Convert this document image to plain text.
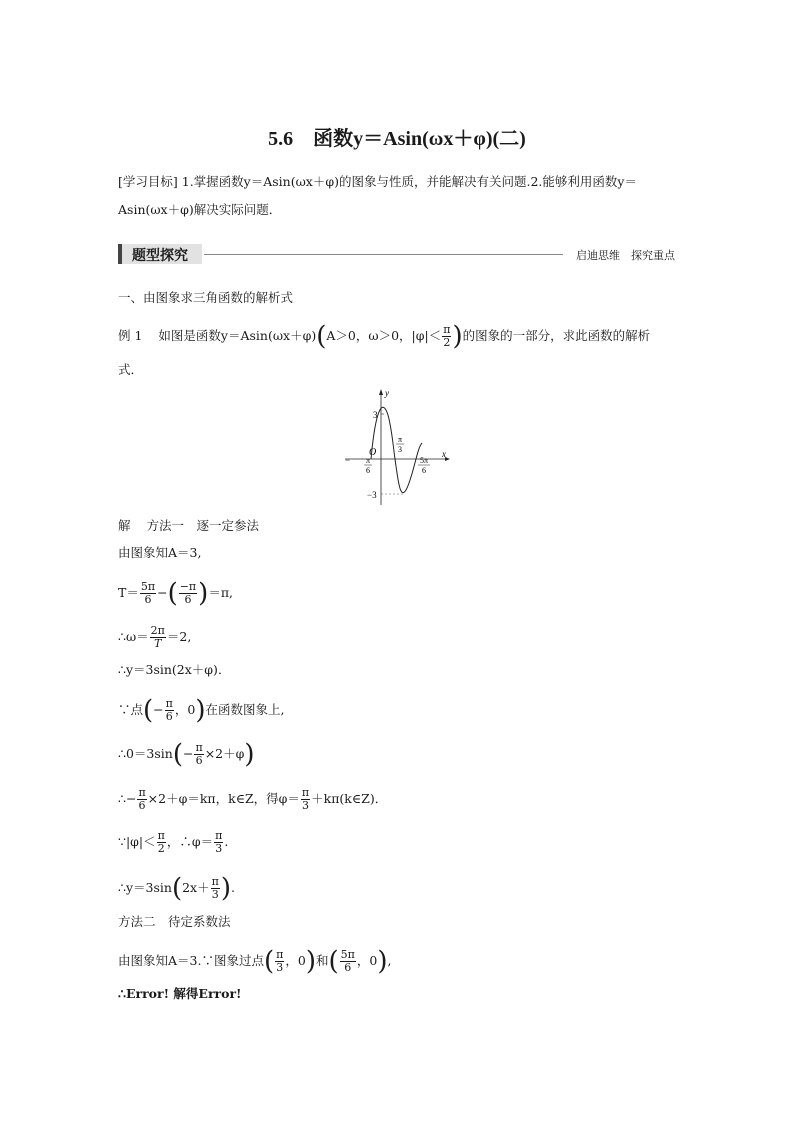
5.6　函数y＝Asin(ωx＋φ)(二)
[学习目标] 1.掌握函数y＝Asin(ωx＋φ)的图象与性质，并能解决有关问题.2.能够利用函数y＝
Asin(ωx＋φ)解决实际问题．
题型探究	启迪思维　探究重点
一、由图象求三角函数的解析式
例 1 如图是函数y＝Asin(ωx＋φ)(A＞0，ω＞0，$|\varphi|< \frac{\pi}{2}$ )的图象的一部分，求此函数的解析
式．
y
x
O
3
−3
− π
6
π
3
5π
6
解 方法一　逐一定参法
由图象知A＝3,
$T= \frac{5\pi}{6}$ −( $\frac{-\pi}{6} )=\pi$,
∴ω＝ $\frac{2\pi}{T} =2$,
∴y＝3sin(2x＋φ)．
∵点(− $\frac{\pi}{6}$ ，0)在函数图象上,
∴0＝3sin(− $\frac{\pi}{6} \times 2+\varphi$)
∴− $\frac{\pi}{6} \times 2+\varphi=k\pi$，k∈Z，得$\varphi= \frac{\pi}{3}$ ＋kπ(k∈Z)．
∵|φ|＜ $\frac{\pi}{2}$ ，∴φ＝ $\frac{\pi}{3}$ .
∴y＝3sin(2x＋ $\frac{\pi}{3}$ ).
方法二　待定系数法
由图象知A＝3.∵图象过点( $\frac{\pi}{3}$ ，0)和( $\frac{5\pi}{6}$ ，0),
∴Error! 解得Error!
